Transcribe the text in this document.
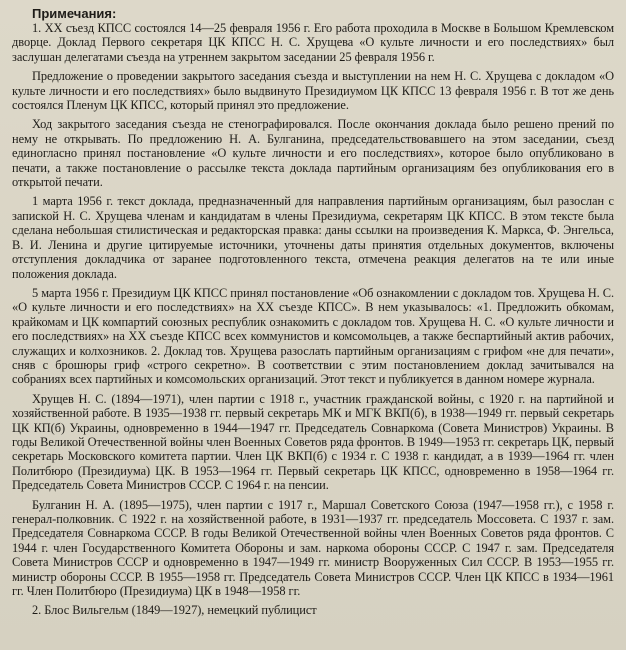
Примечания:

1. XX съезд КПСС состоялся 14—25 февраля 1956 г. Его работа проходила в Москве в Большом Кремлевском дворце. Доклад Первого секретаря ЦК КПСС Н. С. Хрущева «О культе личности и его последствиях» был заслушан делегатами съезда на утреннем закрытом заседании 25 февраля 1956 г.

Предложение о проведении закрытого заседания съезда и выступлении на нем Н. С. Хрущева с докладом «О культе личности и его последствиях» было выдвинуто Президиумом ЦК КПСС 13 февраля 1956 г. В тот же день состоялся Пленум ЦК КПСС, который принял это предложение.

Ход закрытого заседания съезда не стенографировался. После окончания доклада было решено прений по нему не открывать. По предложению Н. А. Булганина, председательствовавшего на этом заседании, съезд единогласно принял постановление «О культе личности и его последствиях», которое было опубликовано в печати, а также постановление о рассылке текста доклада партийным организациям без опубликования его в открытой печати.

1 марта 1956 г. текст доклада, предназначенный для направления партийным организациям, был разослан с запиской Н. С. Хрущева членам и кандидатам в члены Президиума, секретарям ЦК КПСС. В этом тексте была сделана небольшая стилистическая и редакторская правка: даны ссылки на произведения К. Маркса, Ф. Энгельса, В. И. Ленина и другие цитируемые источники, уточнены даты принятия отдельных документов, включены отступления докладчика от заранее подготовленного текста, отмечена реакция делегатов на те или иные положения доклада.

5 марта 1956 г. Президиум ЦК КПСС принял постановление «Об ознакомлении с докладом тов. Хрущева Н. С. «О культе личности и его последствиях» на XX съезде КПСС». В нем указывалось: «1. Предложить обкомам, крайкомам и ЦК компартий союзных республик ознакомить с докладом тов. Хрущева Н. С. «О культе личности и его последствиях» на XX съезде КПСС всех коммунистов и комсомольцев, а также беспартийный актив рабочих, служащих и колхозников. 2. Доклад тов. Хрущева разослать партийным организациям с грифом «не для печати», сняв с брошюры гриф «строго секретно». В соответствии с этим постановлением доклад зачитывался на собраниях всех партийных и комсомольских организаций. Этот текст и публикуется в данном номере журнала.

Хрущев Н. С. (1894—1971), член партии с 1918 г., участник гражданской войны, с 1920 г. на партийной и хозяйственной работе. В 1935—1938 гг. первый секретарь МК и МГК ВКП(б), в 1938—1949 гг. первый секретарь ЦК КП(б) Украины, одновременно в 1944—1947 гг. Председатель Совнаркома (Совета Министров) Украины. В годы Великой Отечественной войны член Военных Советов ряда фронтов. В 1949—1953 гг. секретарь ЦК, первый секретарь Московского комитета партии. Член ЦК ВКП(б) с 1934 г. С 1938 г. кандидат, а в 1939—1964 гг. член Политбюро (Президиума) ЦК. В 1953—1964 гг. Первый секретарь ЦК КПСС, одновременно в 1958—1964 гг. Председатель Совета Министров СССР. С 1964 г. на пенсии.

Булганин Н. А. (1895—1975), член партии с 1917 г., Маршал Советского Союза (1947—1958 гг.), с 1958 г. генерал-полковник. С 1922 г. на хозяйственной работе, в 1931—1937 гг. председатель Моссовета. С 1937 г. зам. Председателя Совнаркома СССР. В годы Великой Отечественной войны член Военных Советов ряда фронтов. С 1944 г. член Государственного Комитета Обороны и зам. наркома обороны СССР. С 1947 г. зам. Председателя Совета Министров СССР и одновременно в 1947—1949 гг. министр Вооруженных Сил СССР. В 1953—1955 гг. министр обороны СССР. В 1955—1958 гг. Председатель Совета Министров СССР. Член ЦК КПСС в 1934—1961 гг. Член Политбюро (Президиума) ЦК в 1948—1958 гг.

2. Блос Вильгельм (1849—1927), немецкий публицист
